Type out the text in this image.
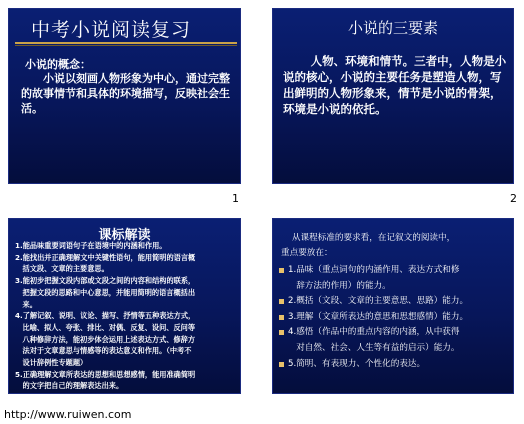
中考小说阅读复习
小说的概念：
小说以刻画人物形象为中心，通过完整的故事情节和具体的环境描写，反映社会生活。
1
小说的三要素
人物、环境和情节。三者中，人物是小说的核心，小说的主要任务是塑造人物，写出鲜明的人物形象来，情节是小说的骨架，环境是小说的依托。
2
课标解读
1.能品味重要词语句子在语境中的内涵和作用。
2.能找出并正确理解文中关键性语句，能用简明的语言概
括文段、文章的主要意思。
3.能初步把握文段内部或文段之间的内容和结构的联系，
把握文段的思路和中心意思，并能用简明的语言概括出
来。
4.了解记叙、说明、议论、描写、抒情等五种表达方式，
比喻、拟人、夸张、排比、对偶、反复、设问、反问等
八种修辞方法，能初步体会运用上述表达方式、修辞方
法对于文章意思与情感等的表达意义和作用。（中考不
设计辞例性专题题）
5.正确理解文章所表达的思想和思想感情，能用准确简明
的文字把自己的理解表达出来。
从课程标准的要求看，在记叙文的阅读中，
重点要放在：
1.品味（重点词句的内涵作用、表达方式和修
辞方法的作用）的能力。
2.概括（文段、文章的主要意思、思路）能力。
3.理解（文章所表达的意思和思想感情）能力。
4.感悟（作品中的重点内容的内涵，从中获得
对自然、社会、人生等有益的启示）能力。
5.简明、有表现力、个性化的表达。
http://www.ruiwen.com
